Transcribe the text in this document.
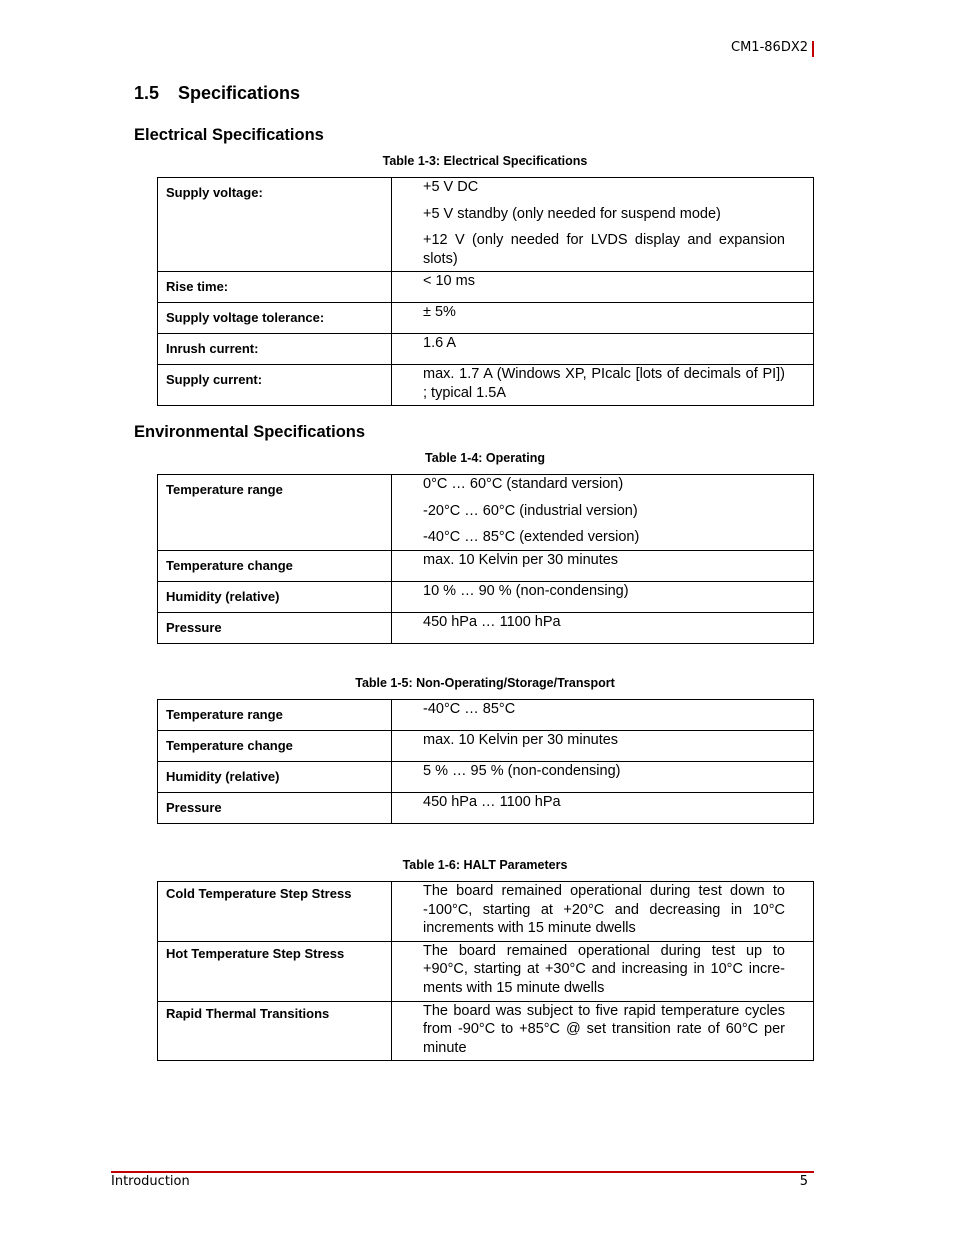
CM1-86DX2
1.5 Specifications
Electrical Specifications

Table 1-3: Electrical Specifications

Supply voltage:	+5 V DC

+5 V standby (only needed for suspend mode)

+12 V (only needed for LVDS display and expansion slots)

Rise time:	< 10 ms

Supply voltage tolerance:	± 5%

Inrush current:	1.6 A

Supply current:	max. 1.7 A (Windows XP, PIcalc [lots of decimals of PI]) ; typical 1.5A

Environmental Specifications

Table 1-4: Operating

Temperature range	0°C … 60°C (standard version)

-20°C … 60°C (industrial version)

-40°C … 85°C (extended version)

Temperature change	max. 10 Kelvin per 30 minutes

Humidity (relative)	10 % … 90 % (non-condensing)

Pressure	450 hPa … 1100 hPa

Table 1-5: Non-Operating/Storage/Transport

Temperature range	-40°C … 85°C

Temperature change	max. 10 Kelvin per 30 minutes

Humidity (relative)	5 % … 95 % (non-condensing)

Pressure	450 hPa … 1100 hPa

Table 1-6: HALT Parameters

Cold Temperature Step Stress	The board remained operational during test down to -100°C, starting at +20°C and decreasing in 10°C increments with 15 minute dwells

Hot Temperature Step Stress	The board remained operational during test up to +90°C, starting at +30°C and increasing in 10°C incre-ments with 15 minute dwells

Rapid Thermal Transitions	The board was subject to five rapid temperature cycles from -90°C to +85°C @ set transition rate of 60°C per minute

Introduction	5
